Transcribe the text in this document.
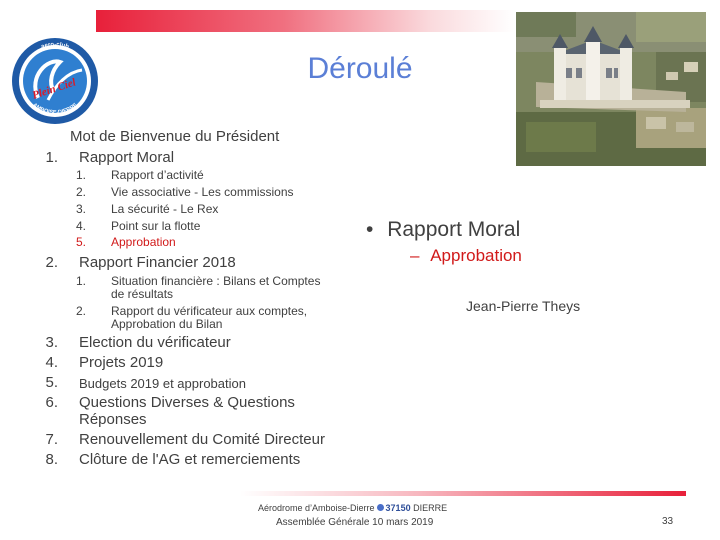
aero-club
AMBOISE-DIERRE
Plein Ciel
Déroulé
Mot de Bienvenue du Président
1. Rapport Moral
1. Rapport d’activité
2. Vie associative - Les commissions
3. La sécurité - Le Rex
4. Point sur la flotte
5. Approbation
2. Rapport Financier 2018
1. Situation financière : Bilans et Comptes
de résultats
2. Rapport du vérificateur aux comptes,
Approbation du Bilan
3. Election du vérificateur
4. Projets 2019
5. Budgets 2019 et approbation
6. Questions Diverses & Questions Réponses
7. Renouvellement du Comité Directeur
8. Clôture de l'AG et remerciements
• Rapport Moral
– Approbation
Jean-Pierre Theys
Aérodrome d’Amboise-Dierre 37150 DIERRE
Assemblée Générale 10 mars 2019	33
